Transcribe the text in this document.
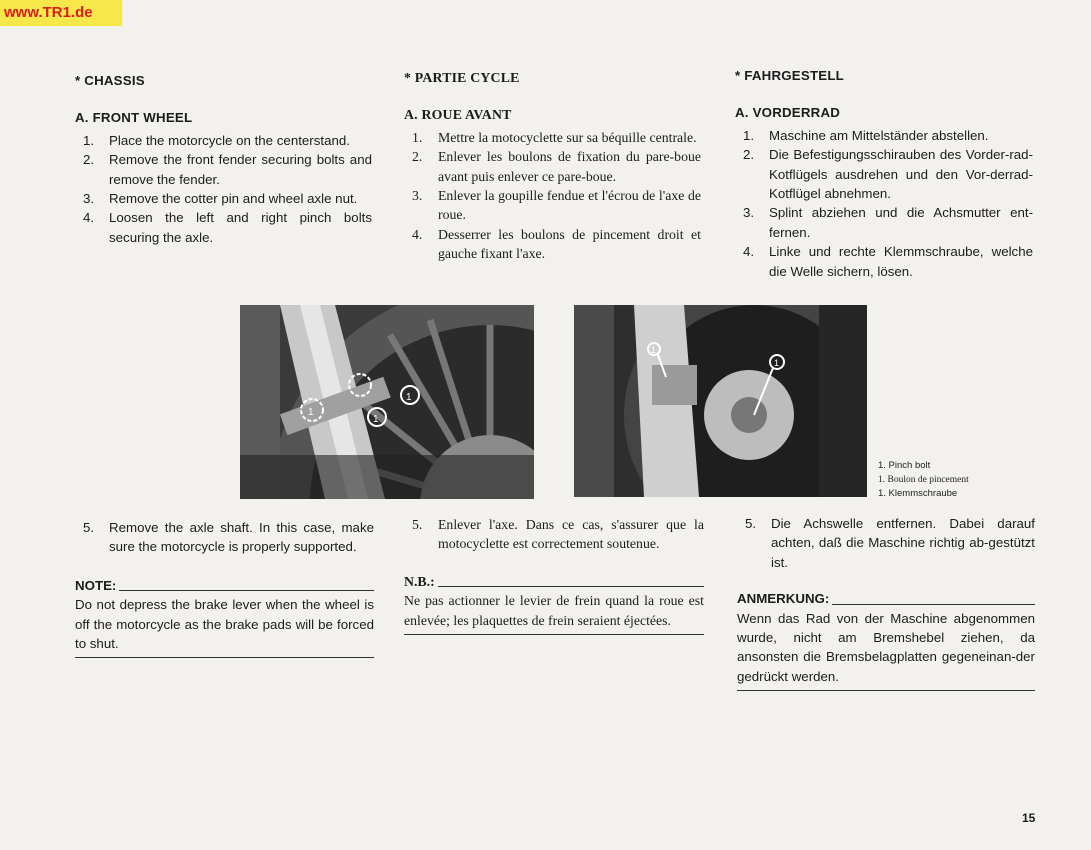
www.TR1.de
* CHASSIS
A. FRONT WHEEL
1. Place the motorcycle on the centerstand.
2. Remove the front fender securing bolts and remove the fender.
3. Remove the cotter pin and wheel axle nut.
4. Loosen the left and right pinch bolts securing the axle.
* PARTIE CYCLE
A. ROUE AVANT
1. Mettre la motocyclette sur sa béquille centrale.
2. Enlever les boulons de fixation du pare-boue avant puis enlever ce pare-boue.
3. Enlever la goupille fendue et l'écrou de l'axe de roue.
4. Desserrer les boulons de pincement droit et gauche fixant l'axe.
* FAHRGESTELL
A. VORDERRAD
1. Maschine am Mittelständer abstellen.
2. Die Befestigungsschirauben des Vorder-rad-Kotflügels ausdrehen und den Vor-derrad-Kotflügel abnehmen.
3. Splint abziehen und die Achsmutter ent-fernen.
4. Linke und rechte Klemmschraube, welche die Welle sichern, lösen.
1
1
1
1
1
1. Pinch bolt
1. Boulon de pincement
1. Klemmschraube
5. Remove the axle shaft. In this case, make sure the motorcycle is properly supported.
NOTE:
Do not depress the brake lever when the wheel is off the motorcycle as the brake pads will be forced to shut.
5. Enlever l'axe. Dans ce cas, s'assurer que la motocyclette est correctement soutenue.
N.B.:
Ne pas actionner le levier de frein quand la roue est enlevée; les plaquettes de frein seraient éjectées.
5. Die Achswelle entfernen. Dabei darauf achten, daß die Maschine richtig ab-gestützt ist.
ANMERKUNG:
Wenn das Rad von der Maschine abgenommen wurde, nicht am Bremshebel ziehen, da ansonsten die Bremsbelagplatten gegeneinan-der gedrückt werden.
15
